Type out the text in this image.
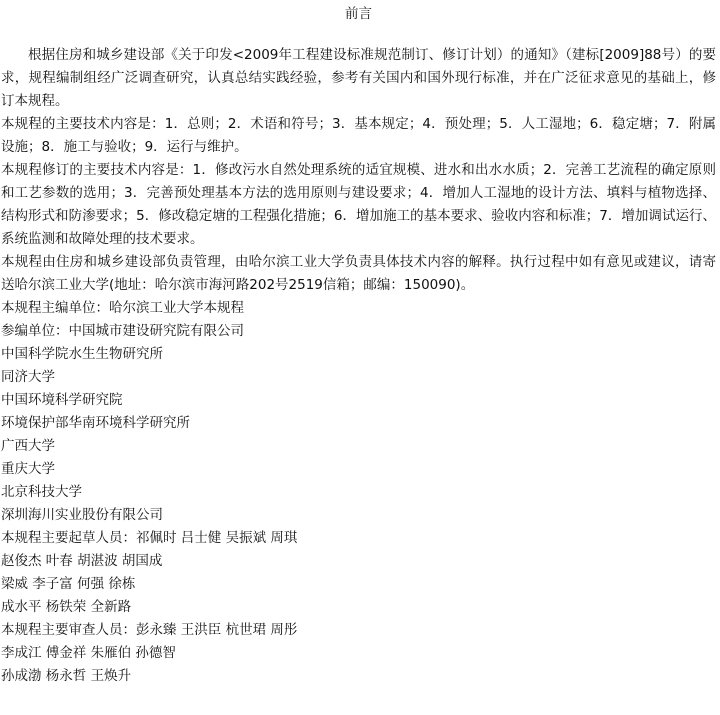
前言

根据住房和城乡建设部《关于印发<2009年工程建设标准规范制订、修订计划）的通知》（建标[2009]88号）的要求，规程编制组经广泛调查研究，认真总结实践经验，参考有关国内和国外现行标准，并在广泛征求意见的基础上，修订本规程。

本规程的主要技术内容是：1．总则；2．术语和符号；3．基本规定；4．预处理；5．人工湿地；6．稳定塘；7．附属设施；8．施工与验收；9．运行与维护。

本规程修订的主要技术内容是：1．修改污水自然处理系统的适宜规模、进水和出水水质；2．完善工艺流程的确定原则和工艺参数的选用；3．完善预处理基本方法的选用原则与建设要求；4．增加人工湿地的设计方法、填料与植物选择、结构形式和防渗要求；5．修改稳定塘的工程强化措施；6．增加施工的基本要求、验收内容和标准；7．增加调试运行、系统监测和故障处理的技术要求。

本规程由住房和城乡建设部负责管理，由哈尔滨工业大学负责具体技术内容的解释。执行过程中如有意见或建议，请寄送哈尔滨工业大学(地址：哈尔滨市海河路202号2519信箱；邮编：150090)。

本规程主编单位：哈尔滨工业大学本规程
参编单位：中国城市建设研究院有限公司
中国科学院水生生物研究所
同济大学
中国环境科学研究院
环境保护部华南环境科学研究所
广西大学
重庆大学
北京科技大学
深圳海川实业股份有限公司
本规程主要起草人员：祁佩时 吕士健 吴振斌 周琪
赵俊杰 叶春 胡湛波 胡国成
梁威 李子富 何强 徐栋
成水平 杨铁荣 全新路
本规程主要审查人员：彭永臻 王洪臣 杭世珺 周彤
李成江 傅金祥 朱雁伯 孙德智
孙成渤 杨永哲 王焕升
